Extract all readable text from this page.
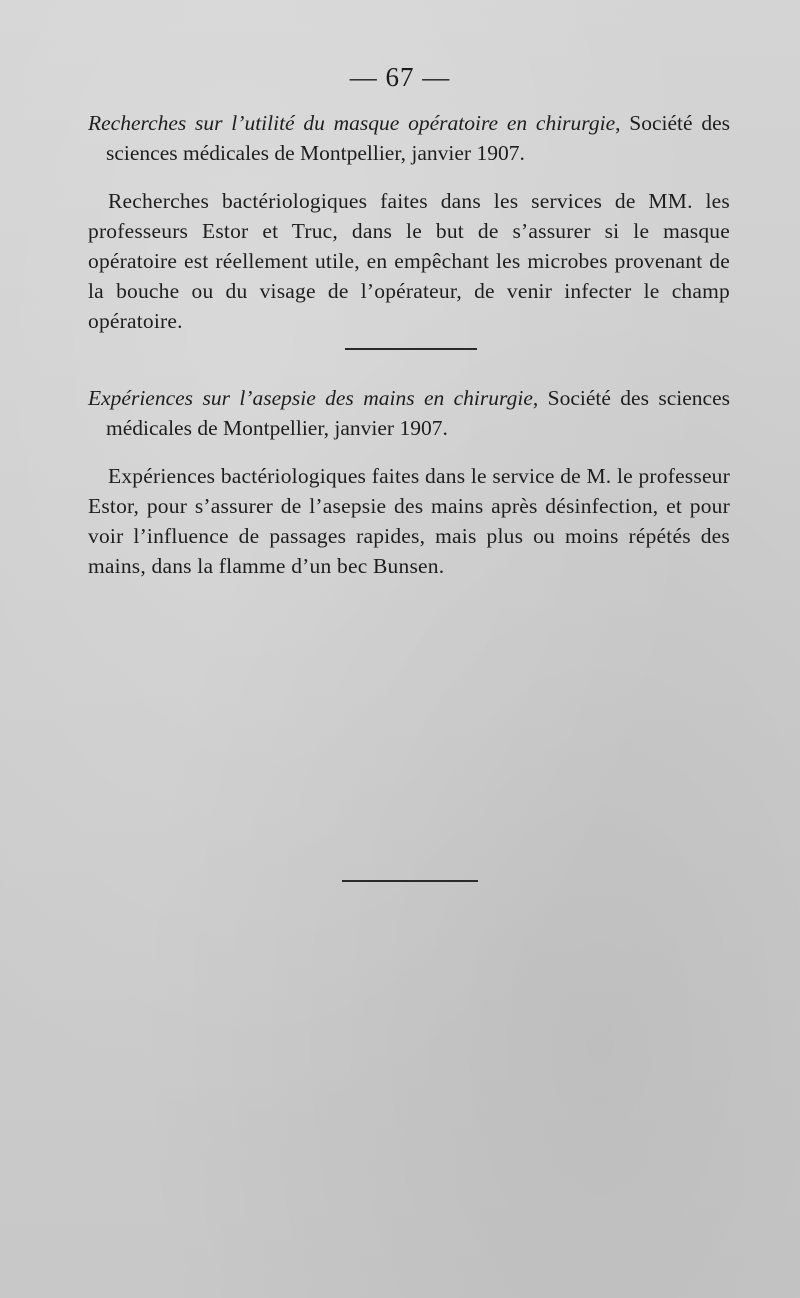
— 67 —
Recherches sur l’utilité du masque opératoire en chirurgie, Société des sciences médicales de Montpellier, janvier 1907.
Recherches bactériologiques faites dans les services de MM. les professeurs Estor et Truc, dans le but de s’assurer si le masque opératoire est réellement utile, en empêchant les microbes provenant de la bouche ou du visage de l’opérateur, de venir infecter le champ opératoire.
Expériences sur l’asepsie des mains en chirurgie, Société des sciences médicales de Montpellier, janvier 1907.
Expériences bactériologiques faites dans le service de M. le professeur Estor, pour s’assurer de l’asepsie des mains après désinfection, et pour voir l’influence de passages rapides, mais plus ou moins répétés des mains, dans la flamme d’un bec Bunsen.
